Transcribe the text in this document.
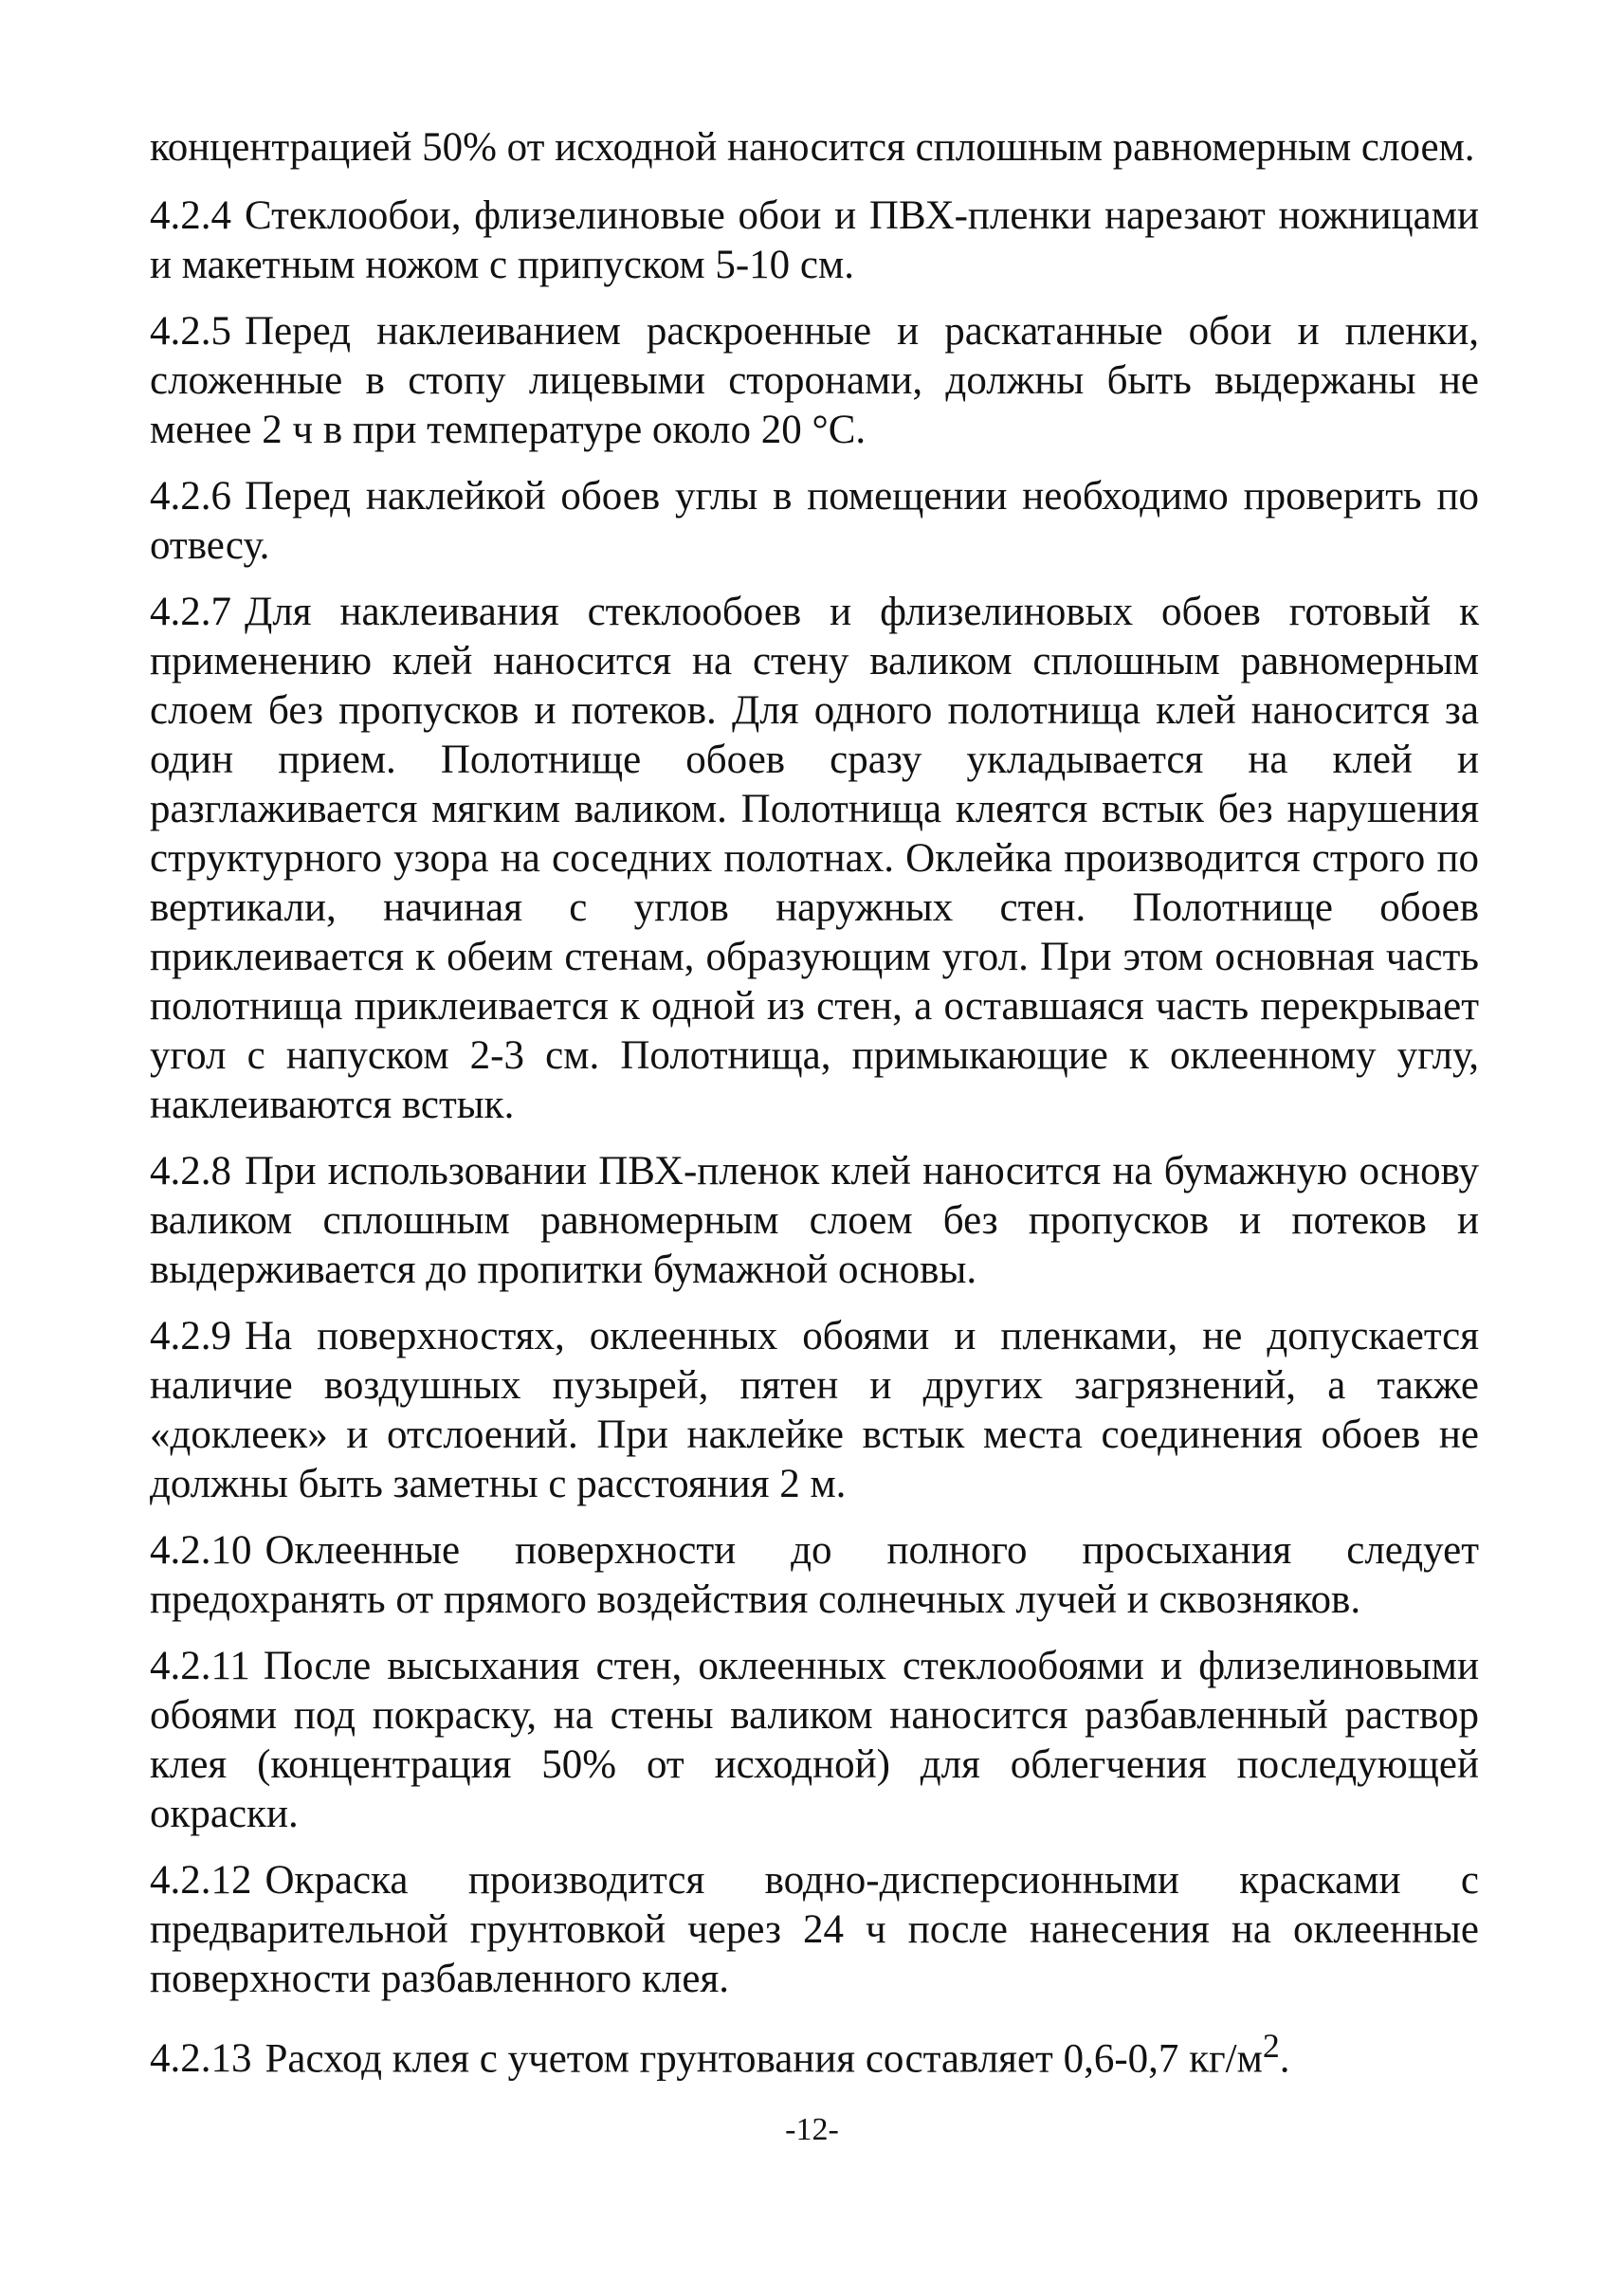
концентрацией 50% от исходной наносится сплошным равномерным слоем.

4.2.4 Стеклообои, флизелиновые обои и ПВХ-пленки нарезают ножницами и макетным ножом с припуском 5-10 см.

4.2.5 Перед наклеиванием раскроенные и раскатанные обои и пленки, сложенные в стопу лицевыми сторонами, должны быть выдержаны не менее 2 ч в при температуре около 20 °С.

4.2.6 Перед наклейкой обоев углы в помещении необходимо проверить по отвесу.

4.2.7 Для наклеивания стеклообоев и флизелиновых обоев готовый к применению клей наносится на стену валиком сплошным равномерным слоем без пропусков и потеков. Для одного полотнища клей наносится за один прием. Полотнище обоев сразу укладывается на клей и разглаживается мягким валиком. Полотнища клеятся встык без нарушения структурного узора на соседних полотнах. Оклейка производится строго по вертикали, начиная с углов наружных стен. Полотнище обоев приклеивается к обеим стенам, образующим угол. При этом основная часть полотнища приклеивается к одной из стен, а оставшаяся часть перекрывает угол с напуском 2-3 см. Полотнища, примыкающие к оклеенному углу, наклеиваются встык.

4.2.8 При использовании ПВХ-пленок клей наносится на бумажную основу валиком сплошным равномерным слоем без пропусков и потеков и выдерживается до пропитки бумажной основы.

4.2.9 На поверхностях, оклеенных обоями и пленками, не допускается наличие воздушных пузырей, пятен и других загрязнений, а также «доклеек» и отслоений. При наклейке встык места соединения обоев не должны быть заметны с расстояния 2 м.

4.2.10 Оклеенные поверхности до полного просыхания следует предохранять от прямого воздействия солнечных лучей и сквозняков.

4.2.11 После высыхания стен, оклеенных стеклообоями и флизелиновыми обоями под покраску, на стены валиком наносится разбавленный раствор клея (концентрация 50% от исходной) для облегчения последующей окраски.

4.2.12 Окраска производится водно-дисперсионными красками с предварительной грунтовкой через 24 ч после нанесения на оклеенные поверхности разбавленного клея.

4.2.13 Расход клея с учетом грунтования составляет 0,6-0,7 $кг/м^2$.

-12-
